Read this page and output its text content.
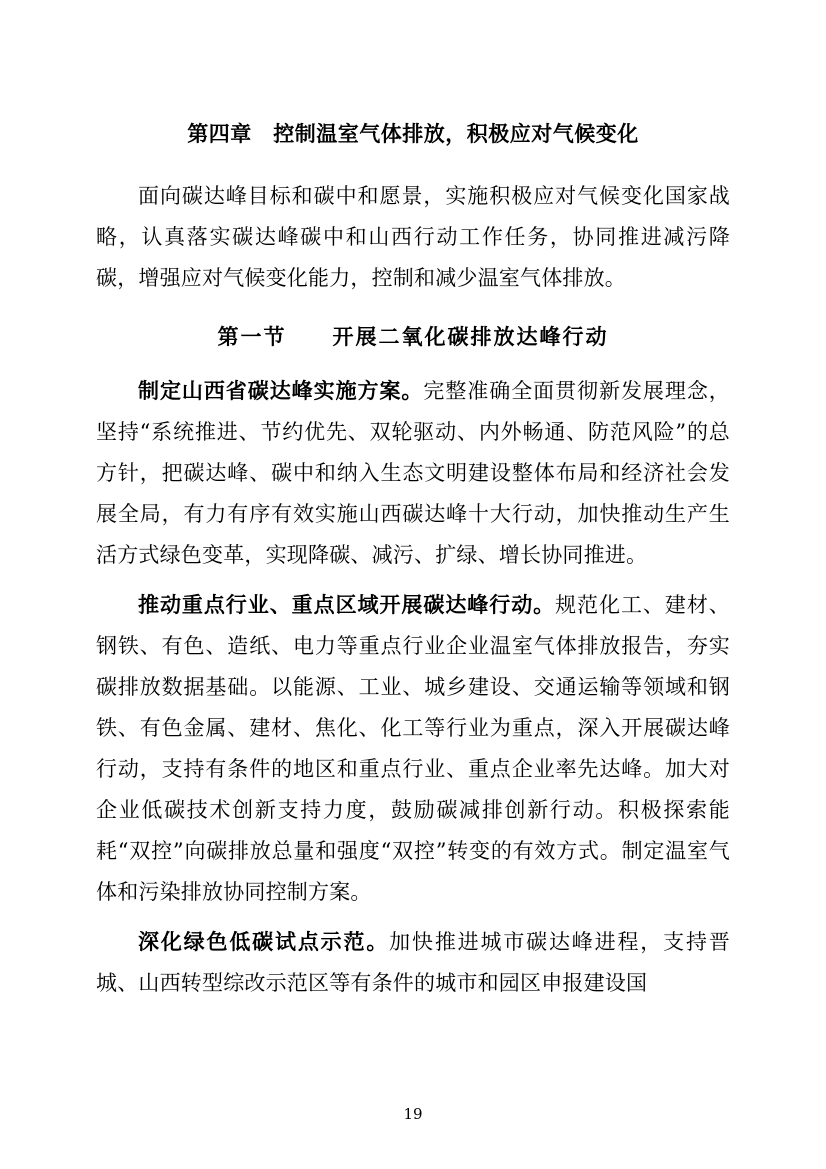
第四章　控制温室气体排放，积极应对气候变化

面向碳达峰目标和碳中和愿景，实施积极应对气候变化国家战略，认真落实碳达峰碳中和山西行动工作任务，协同推进减污降碳，增强应对气候变化能力，控制和减少温室气体排放。

第一节　　开展二氧化碳排放达峰行动

制定山西省碳达峰实施方案。完整准确全面贯彻新发展理念，坚持“系统推进、节约优先、双轮驱动、内外畅通、防范风险”的总方针，把碳达峰、碳中和纳入生态文明建设整体布局和经济社会发展全局，有力有序有效实施山西碳达峰十大行动，加快推动生产生活方式绿色变革，实现降碳、减污、扩绿、增长协同推进。

推动重点行业、重点区域开展碳达峰行动。规范化工、建材、钢铁、有色、造纸、电力等重点行业企业温室气体排放报告，夯实碳排放数据基础。以能源、工业、城乡建设、交通运输等领域和钢铁、有色金属、建材、焦化、化工等行业为重点，深入开展碳达峰行动，支持有条件的地区和重点行业、重点企业率先达峰。加大对企业低碳技术创新支持力度，鼓励碳减排创新行动。积极探索能耗“双控”向碳排放总量和强度“双控”转变的有效方式。制定温室气体和污染排放协同控制方案。

深化绿色低碳试点示范。加快推进城市碳达峰进程，支持晋城、山西转型综改示范区等有条件的城市和园区申报建设国

19
